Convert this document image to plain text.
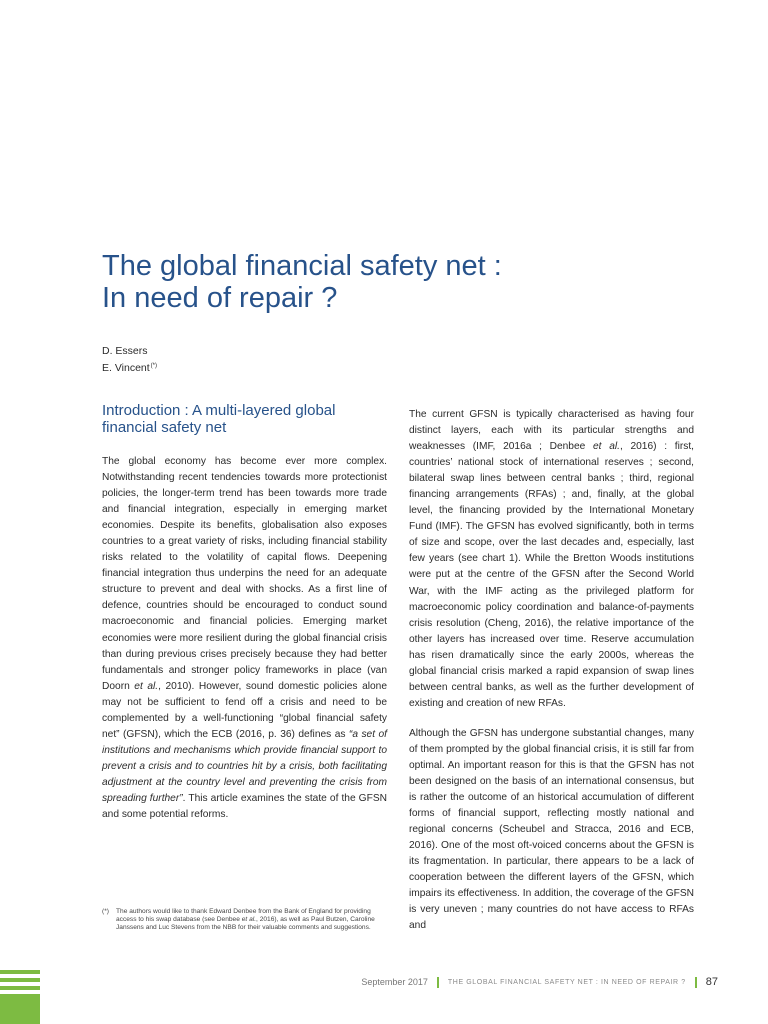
The global financial safety net :
In need of repair ?
D. Essers
E. Vincent(*)
Introduction : A multi-layered global financial safety net

The global economy has become ever more complex. Notwithstanding recent tendencies towards more protectionist policies, the longer-term trend has been towards more trade and financial integration, especially in emerging market economies. Despite its benefits, globalisation also exposes countries to a great variety of risks, including financial stability risks related to the volatility of capital flows. Deepening financial integration thus underpins the need for an adequate structure to prevent and deal with shocks. As a first line of defence, countries should be encouraged to conduct sound macroeconomic and financial policies. Emerging market economies were more resilient during the global financial crisis than during previous crises precisely because they had better fundamentals and stronger policy frameworks in place (van Doorn et al., 2010). However, sound domestic policies alone may not be sufficient to fend off a crisis and need to be complemented by a well-functioning “global financial safety net” (GFSN), which the ECB (2016, p. 36) defines as “a set of institutions and mechanisms which provide financial support to prevent a crisis and to countries hit by a crisis, both facilitating adjustment at the country level and preventing the crisis from spreading further”. This article examines the state of the GFSN and some potential reforms.

The current GFSN is typically characterised as having four distinct layers, each with its particular strengths and weaknesses (IMF, 2016a ; Denbee et al., 2016) : first, countries’ national stock of international reserves ; second, bilateral swap lines between central banks ; third, regional financing arrangements (RFAs) ; and, finally, at the global level, the financing provided by the International Monetary Fund (IMF). The GFSN has evolved significantly, both in terms of size and scope, over the last decades and, especially, last few years (see chart 1). While the Bretton Woods institutions were put at the centre of the GFSN after the Second World War, with the IMF acting as the privileged platform for macroeconomic policy coordination and balance-of-payments crisis resolution (Cheng, 2016), the relative importance of the other layers has increased over time. Reserve accumulation has risen dramatically since the early 2000s, whereas the global financial crisis marked a rapid expansion of swap lines between central banks, as well as the further development of existing and creation of new RFAs.

Although the GFSN has undergone substantial changes, many of them prompted by the global financial crisis, it is still far from optimal. An important reason for this is that the GFSN has not been designed on the basis of an international consensus, but is rather the outcome of an historical accumulation of different forms of financial support, reflecting mostly national and regional concerns (Scheubel and Stracca, 2016 and ECB, 2016). One of the most oft-voiced concerns about the GFSN is its fragmentation. In particular, there appears to be a lack of cooperation between the different layers of the GFSN, which impairs its effectiveness. In addition, the coverage of the GFSN is very uneven ; many countries do not have access to RFAs and

(*)	The authors would like to thank Edward Denbee from the Bank of England for providing access to his swap database (see Denbee et al., 2016), as well as Paul Butzen, Caroline Janssens and Luc Stevens from the NBB for their valuable comments and suggestions.
September 2017	THE GLOBAL FINANCIAL SAFETY NET : IN NEED OF REPAIR ? 87
